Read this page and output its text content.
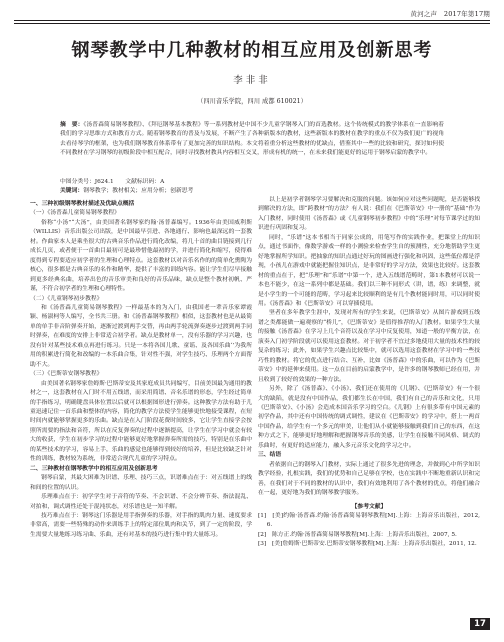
黄河之声　2017年第17期
钢琴教学中几种教材的相互应用及创新思考
李非非
（四川音乐学院，四川 成都 610021）
摘　要：《汤普森简易钢琴教程》、《拜厄钢琴基本教程》等一系列教材是中国不少儿童学钢琴入门的首选教材。这个传统模式的教学体系在一直影响着我们的学习思维方式和教育方式。随着钢琴教育的普及与发展，不断产生了各种新版本的教材，这些新版本的教材在教学的重点不仅为我们更广的视角去看待琴学的框架，也为我们钢琴教育体系带有了更加完善的知识结构。本文将着重分析这些教材的优缺点，借鉴其中一些的比较和研究，探讨如何使不同教材在学习钢琴的初级阶段中相互配合，同时寻找教材教具内容相互交叉，形成有机的统一，在未来我们能更好的运用于钢琴启蒙的教学中。
中图分类号：J624.1　　文献标识码：A
关键词：钢琴教学；教材相关；应用分析；创新思考

一、三种初级钢琴教材描述及优缺点概括

（一）《汤普森儿童简易钢琴教程》

俗称“小汤”“大汤”，由美国著名钢琴家约翰·汤普森编写。1936年由美国威利斯（WILLIS）音乐出版公司出版，是中国最早引进、各地通行、影响也最深远的一套教材。作曲家本人是乘坐很大的古典音乐作品进行简化改编，将几十首的曲目链接到几行成长几页，或者便于一首曲目最初可是最珍惜他最初的学，并进行简化和缩写，使得难度得到专程要适应初学者的生理和心理特点。这套教材以对音乐名作的的简单化熏陶为核心，很多都是古典音乐的名作和精华，提供了丰富的训练内容。能让学生们尽早接触到更多经典名曲，培养出色的音乐审美和良好的音乐品味，缺点是整个教材初帆、严谨，不符合初学者的生理和心理特性。

（二）《儿童钢琴初步教程》

和《汤普森儿童简易钢琴教程》一样最基本的为入门，由我国老一辈音乐家谭霞颖、杨淑柯等人编写，全书共三册。和《汤普森钢琴教程》相似，这套教材也是从最简单的单手非音阶弹奏开始，逐渐过渡到两手交替，再由两手轮流弹奏逐步过渡到两手同时弹奏，在难度的安排上非常适合初学者。缺点是教材单一，没有乐器的学习兴趣，也没有针对某些技术难点再进行练习。只是一本将各国儿歌、童谣、及各国乐曲‘’为我所用的积累进行简化和改编的一本乐曲合集，针对性不强，对学生技巧、乐理两个方面帮助不大。

（三）《巴斯蒂安钢琴教程》

由美国著名钢琴家詹姆斯·巴斯蒂安及其家庭成员共同编写，目前美国最为通用的教材之一，这套教材在入门时不用五线谱，而采用简谱、音名乐谱的形态，学生经过简单的手指练习，明确键盘具体位置以后就可以根据图形进行弹奏。这种教学方法有助于儿童迅速记住一首乐曲和整体的内容，简化的教学方法使学生能够更快地接受课程，在短时间内就能够掌握更多的乐曲。缺点是在入门阶段花费时间较多，它让学生直接学会按照所需要的指法和音符，所以在反复弹奏的过程中逐渐提高，让学生在学习中就会有较大的收获，学生在初步学习的过程中能够更好地掌握弹奏所需的技巧，特别是在乐曲中的某些技术的学习，容易上手，乐曲的感觉也能够得到较好的培养，但是比较缺乏针对性的训练，教材较为系统，非常适合现代儿童的学习特点。

二、三种教材在钢琴教学中的相互应用及创新思考

钢琴启蒙，其最大困难为识谱、乐理、技巧三点，识谱难点在于：对五线谱上的线和间的位置的认识。

乐理难点在于：初学学生对于音符的节奏、不会识谱、不会分辨节奏、指法混乱、对拍和，调式调性还处于混沌状态，对乐谱也是一知半解。

技巧难点在于：钢琴这门乐器是用手指弹奏的乐器，对手指的肌肉力量、速度要求非常高，需要一些特殊的动作来训练手上的特定部位肌肉和关节，到了一定的阶段，学生需要大量地练习练习曲、乐曲，还有对基本的技巧进行集中的大量练习。

以上是初学者钢琴学习要解决和克服的问题。该如何应对这些问题呢，是否能够找到解决的方法，即“跨教材”的方法？有人说：我们在《巴斯蒂安》中一册的“基础”作为入门教材，同时使用《汤普森》或《儿童钢琴初步教程》中的“乐理”对每节课学过的知识进行巩固和复习。

同时，“乐谱”这本书相当于同家公成的，用笔写作的实践作业，把课堂上的知识点，通过书面作，像数学游戏一样的小测验来检查学生自的预测性，充分地帮助学生更好地掌握所学知识。把抽象的知识点通过好玩的图画进行强化和巩固，这些低位都是浮现，小孩儿在游戏中就能把握住知识点，是非常好的学习方法，效果也比较好。这套教材的重点在于，把“乐理”和“乐谱”中第一个，进入五线谱范畴时，第1本教材可以说一本也不能少，在这一系列中都是基础。我们以三种不同形式（讲，谱，练）来调整，就是小学生的一个可能的范畴，学习起来比较顺利的是有几个教材能同时用，可以同时使用。《汤普森》和《巴斯蒂安》可以穿插使用。

坚者在多年教学生涯中，发现对所有的学生来说，《巴斯蒂安》从图片游戏到五线谱之类都能做一遍观察的“桥儿”，《巴斯蒂安》是值得推荐的入门教材。如果学生大量的接触《汤普森》在学习上几个音符以及在学习中反复使用，知道一般的平衡方法，在演奏入门初学阶段就可以使用这套教材。对于初学者不宜过多地使用大量的技术性的较复杂的练习；此外，如果学生兴趣点比较集中，就可以选用这套教材在学习中的一些技巧性的教材。将它的优点进行结合、互补，比如《汤普森》中的乐曲，可以作为《巴斯蒂安》中的延伸来使用。这一点在目前的启蒙教学中，是许多的钢琴教师已经在用，并且收到了较好的效果的一种方法。

另外，除了《汤普森》、《小汤》、我们还在使用的《儿钢》、《巴斯蒂安》有一个很大的缺陷，就是没有中国作品，我们都生长在中国，我们有自己的音乐和文化，只用《巴斯蒂安》、《小汤》会造成本国音乐学习的空白。《儿钢》上有很多带有中国元素的初学作品，其中还有中国传统的调式调性，建议在《巴斯蒂安》的学习中，搭上一两首中国作品，给学生有一个多元的审美，让他们从小就能够接触到我们自己的东西，在这种方式之下，能够更好地理解和把握钢琴音乐的美感，让学生在接触不同风格、调式的乐曲时，有更好的适应能力，融入多元音乐文化的学习之中。

三、结语

者依据自己的钢琴入门教材，实际上通过了很多先进的理念，并做到心中所学知识教学经验，扎根实践，我们的优势和自己足够在学校，也在实践中不断地重新认识和完善，在我们对于不同的教材的认识中，我们有效地利用了各个教材的优点，将他们融合在一起，更好地为我们的钢琴教学服务。

【参考文献】

[1]　[美]约翰·汤普森.约翰·汤普森简易钢琴教程[M].上海：上海音乐出版社，2012, 6.

[2]　陈方正.约翰·汤普森简易钢琴教程[M].上海：上海音乐出版社，2007, 5.

[3]　[美]詹姆斯·巴斯蒂安.巴斯蒂安钢琴教程[M].上海：上海音乐出版社，2011, 12.

17
